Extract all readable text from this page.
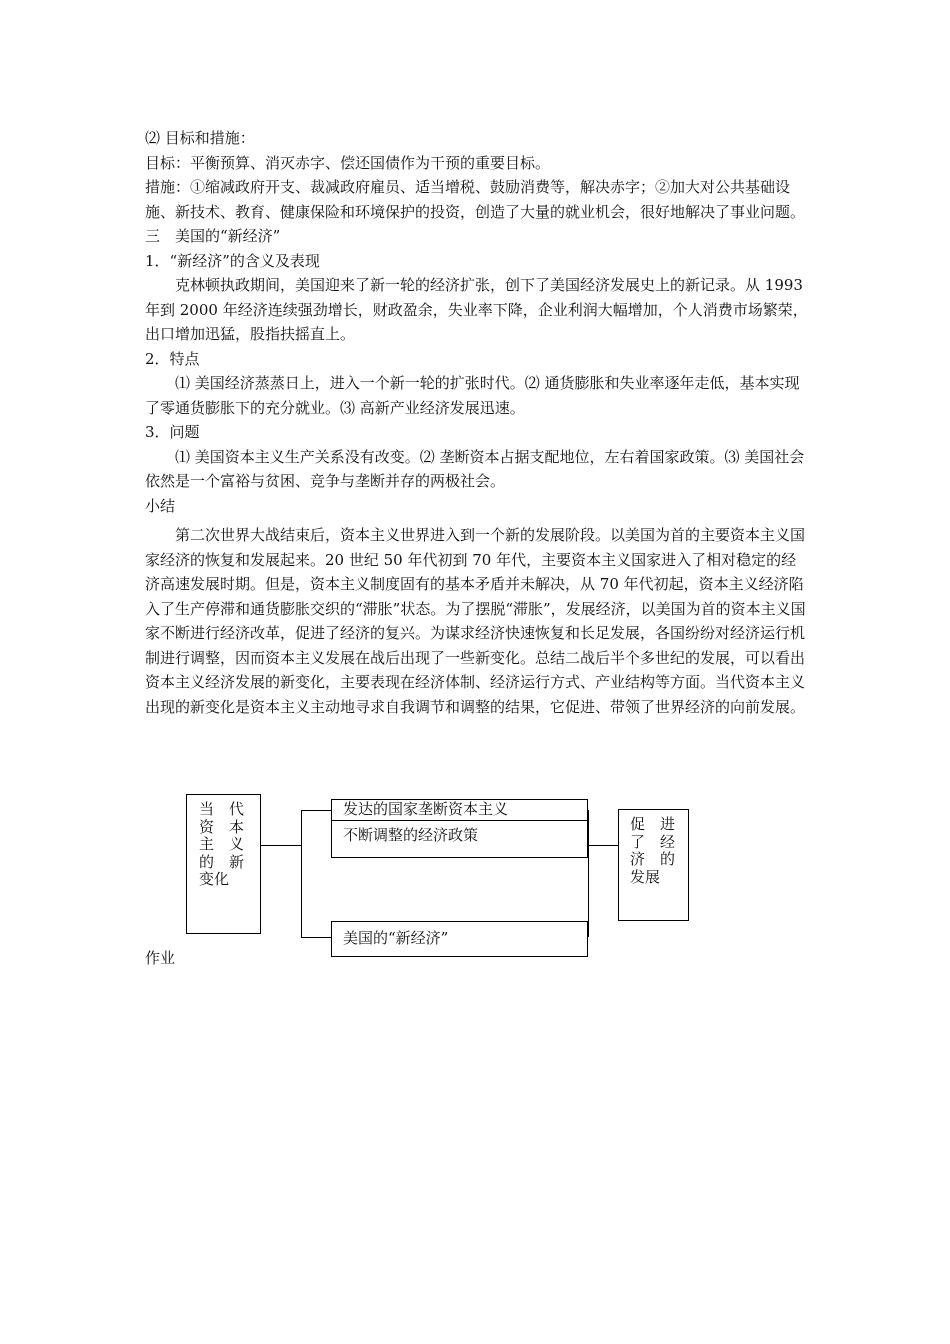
⑵ 目标和措施：

目标：平衡预算、消灭赤字、偿还国债作为干预的重要目标。

措施：①缩减政府开支、裁减政府雇员、适当增税、鼓励消费等，解决赤字；②加大对公共基础设施、新技术、教育、健康保险和环境保护的投资，创造了大量的就业机会，很好地解决了事业问题。

三　美国的“新经济”

1．“新经济”的含义及表现

克林顿执政期间，美国迎来了新一轮的经济扩张，创下了美国经济发展史上的新记录。从 1993 年到 2000 年经济连续强劲增长，财政盈余，失业率下降，企业利润大幅增加，个人消费市场繁荣，出口增加迅猛，股指扶摇直上。

2．特点

⑴ 美国经济蒸蒸日上，进入一个新一轮的扩张时代。⑵ 通货膨胀和失业率逐年走低，基本实现了零通货膨胀下的充分就业。⑶ 高新产业经济发展迅速。

3．问题

⑴ 美国资本主义生产关系没有改变。⑵ 垄断资本占据支配地位，左右着国家政策。⑶ 美国社会依然是一个富裕与贫困、竞争与垄断并存的两极社会。

小结

第二次世界大战结束后，资本主义世界进入到一个新的发展阶段。以美国为首的主要资本主义国家经济的恢复和发展起来。20 世纪 50 年代初到 70 年代，主要资本主义国家进入了相对稳定的经济高速发展时期。但是，资本主义制度固有的基本矛盾并未解决，从 70 年代初起，资本主义经济陷入了生产停滞和通货膨胀交织的“滞胀”状态。为了摆脱“滞胀”，发展经济，以美国为首的资本主义国家不断进行经济改革，促进了经济的复兴。为谋求经济快速恢复和长足发展，各国纷纷对经济运行机制进行调整，因而资本主义发展在战后出现了一些新变化。总结二战后半个多世纪的发展，可以看出资本主义经济发展的新变化，主要表现在经济体制、经济运行方式、产业结构等方面。当代资本主义出现的新变化是资本主义主动地寻求自我调节和调整的结果，它促进、带领了世界经济的向前发展。

当 代
资 本
主 义
的 新
变化
发达的国家垄断资本主义
不断调整的经济政策
美国的“新经济”
促 进
了 经
济 的
发展
作业
